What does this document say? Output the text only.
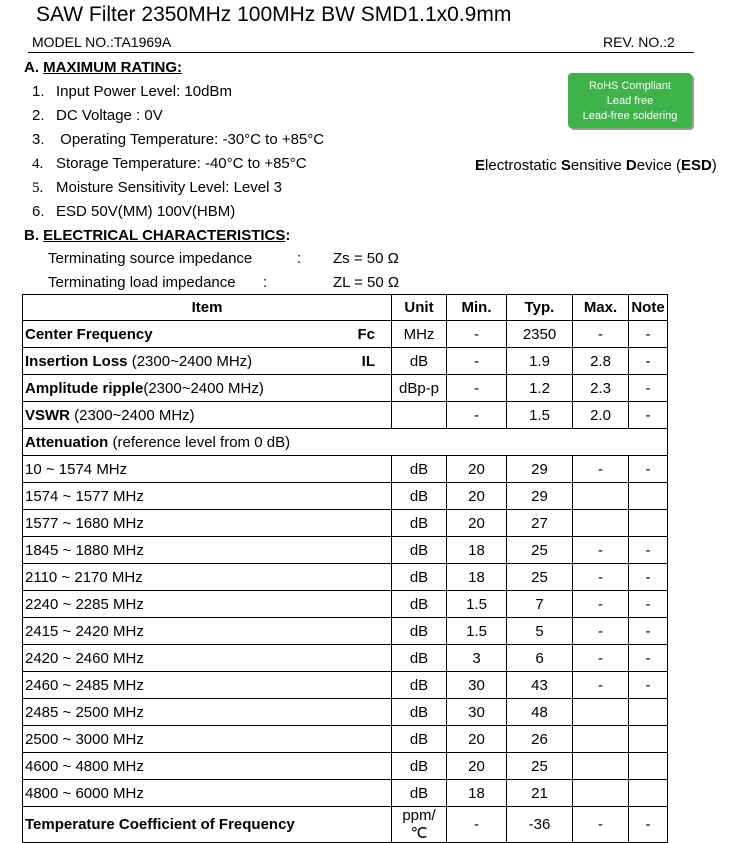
SAW Filter 2350MHz 100MHz BW SMD1.1x0.9mm
MODEL NO.:TA1969A	REV. NO.:2
A. MAXIMUM RATING:
1. Input Power Level: 10dBm
2. DC Voltage : 0V
3. Operating Temperature: -30°C to +85°C
4. Storage Temperature: -40°C to +85°C
5. Moisture Sensitivity Level: Level 3
6. ESD 50V(MM) 100V(HBM)
RoHS Compliant
Lead free
Lead-free soldering
Electrostatic Sensitive Device (ESD)
B. ELECTRICAL CHARACTERISTICS:
Terminating source impedance	: Zs = 50 Ω
Terminating load impedance :	ZL = 50 Ω
Item	Unit	Min.	Typ.	Max.	Note
Center Frequency Fc	MHz	-	2350	-	-
Insertion Loss (2300~2400 MHz) IL	dB	-	1.9	2.8	-
Amplitude ripple(2300~2400 MHz)	dBp-p	-	1.2	2.3	-
VSWR (2300~2400 MHz)		-	1.5	2.0	-
Attenuation (reference level from 0 dB)					
10 ~ 1574 MHz	dB	20	29	-	-
1574 ~ 1577 MHz	dB	20	29		
1577 ~ 1680 MHz	dB	20	27		
1845 ~ 1880 MHz	dB	18	25	-	-
2110 ~ 2170 MHz	dB	18	25	-	-
2240 ~ 2285 MHz	dB	1.5	7	-	-
2415 ~ 2420 MHz	dB	1.5	5	-	-
2420 ~ 2460 MHz	dB	3	6	-	-
2460 ~ 2485 MHz	dB	30	43	-	-
2485 ~ 2500 MHz	dB	30	48		
2500 ~ 3000 MHz	dB	20	26		
4600 ~ 4800 MHz	dB	20	25		
4800 ~ 6000 MHz	dB	18	21		
Temperature Coefficient of Frequency	ppm/℃	-	-36	-	-
